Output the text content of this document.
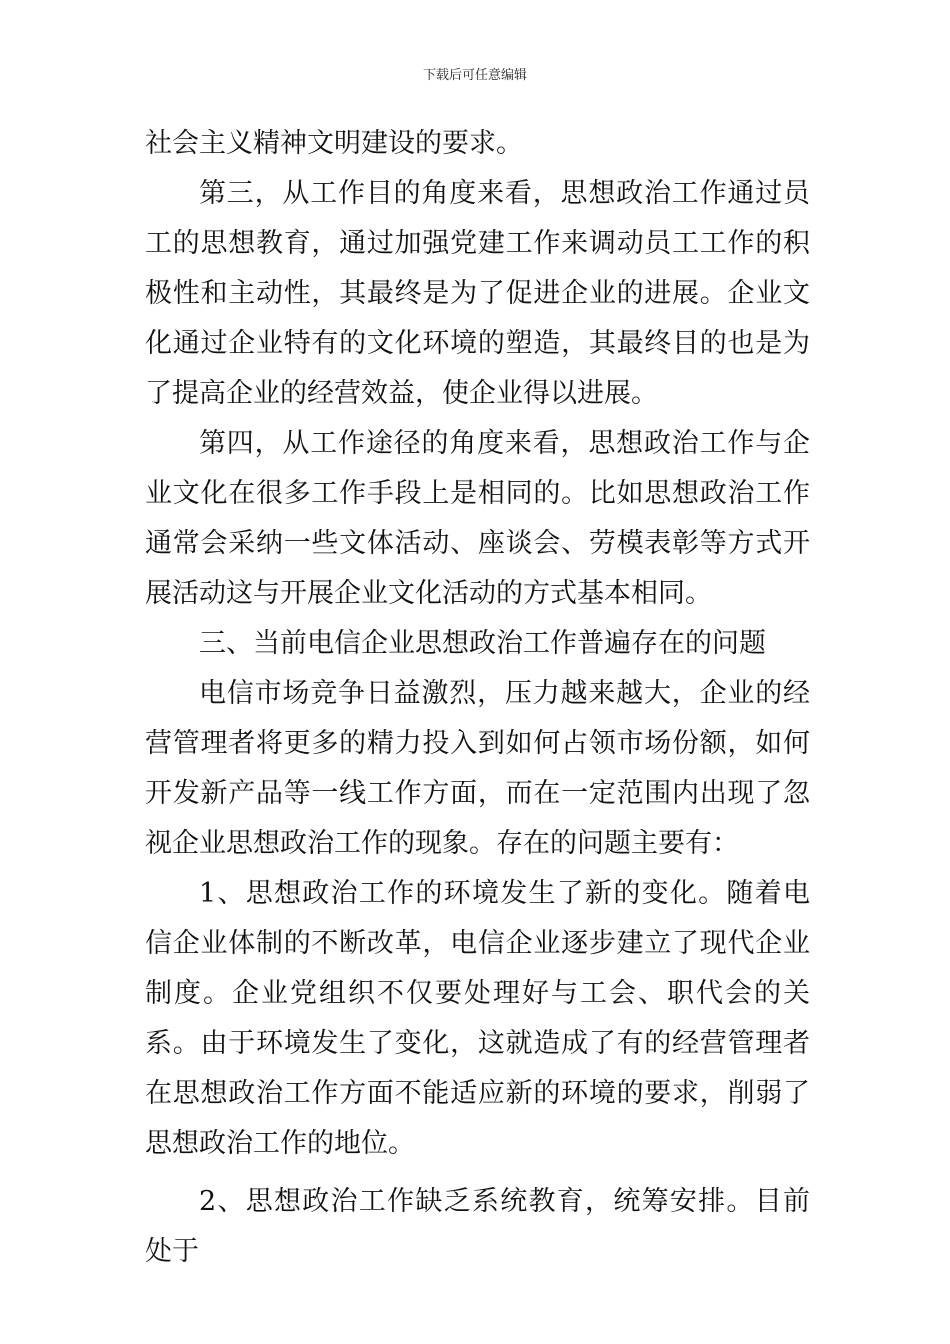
下载后可任意编辑

社会主义精神文明建设的要求。

第三，从工作目的角度来看，思想政治工作通过员工的思想教育，通过加强党建工作来调动员工工作的积极性和主动性，其最终是为了促进企业的进展。企业文化通过企业特有的文化环境的塑造，其最终目的也是为了提高企业的经营效益，使企业得以进展。

第四，从工作途径的角度来看，思想政治工作与企业文化在很多工作手段上是相同的。比如思想政治工作通常会采纳一些文体活动、座谈会、劳模表彰等方式开展活动这与开展企业文化活动的方式基本相同。

三、当前电信企业思想政治工作普遍存在的问题

电信市场竞争日益激烈，压力越来越大，企业的经营管理者将更多的精力投入到如何占领市场份额，如何开发新产品等一线工作方面，而在一定范围内出现了忽视企业思想政治工作的现象。存在的问题主要有：

1、思想政治工作的环境发生了新的变化。随着电信企业体制的不断改革，电信企业逐步建立了现代企业制度。企业党组织不仅要处理好与工会、职代会的关系。由于环境发生了变化，这就造成了有的经营管理者在思想政治工作方面不能适应新的环境的要求，削弱了思想政治工作的地位。

2、思想政治工作缺乏系统教育，统筹安排。目前处于
